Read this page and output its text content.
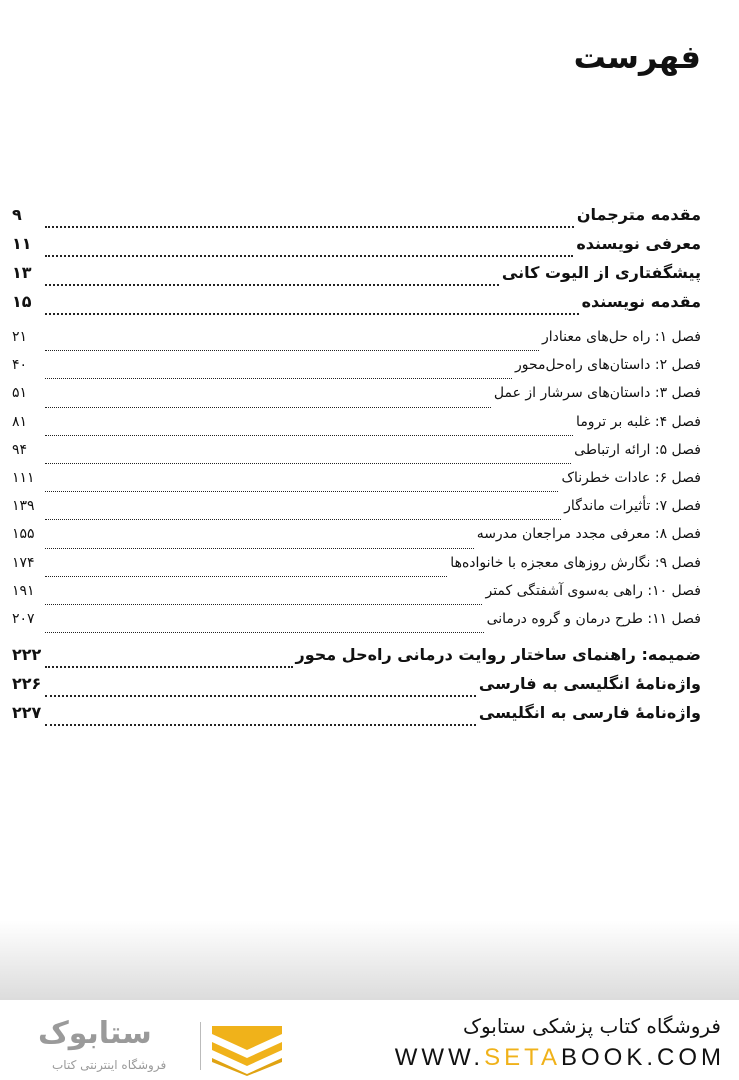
فهرست
مقدمه مترجمان
۹
معرفی نویسنده
۱۱
پیشگفتاری از الیوت کانی
۱۳
مقدمه نویسنده
۱۵
فصل ۱: راه حل‌های معنادار
۲۱
فصل ۲: داستان‌های راه‌حل‌محور
۴۰
فصل ۳: داستان‌های سرشار از عمل
۵۱
فصل ۴: غلبه بر تروما
۸۱
فصل ۵: ارائه ارتباطی
۹۴
فصل ۶: عادات خطرناک
۱۱۱
فصل ۷: تأثیرات ماندگار
۱۳۹
فصل ۸: معرفی مجدد مراجعان مدرسه
۱۵۵
فصل ۹: نگارش روزهای معجزه با خانواده‌ها
۱۷۴
فصل ۱۰: راهی به‌سوی آشفتگی کمتر
۱۹۱
فصل ۱۱: طرح درمان و گروه درمانی
۲۰۷
ضمیمه: راهنمای ساختار روایت درمانی راه‌حل محور
۲۲۲
واژه‌نامۀ انگلیسی به فارسی
۲۲۶
واژه‌نامۀ فارسی به انگلیسی
۲۲۷
ستابوک
فروشگاه اینترنتی کتاب
فروشگاه کتاب پزشکی ستابوک
WWW.SETABOOK.COM
